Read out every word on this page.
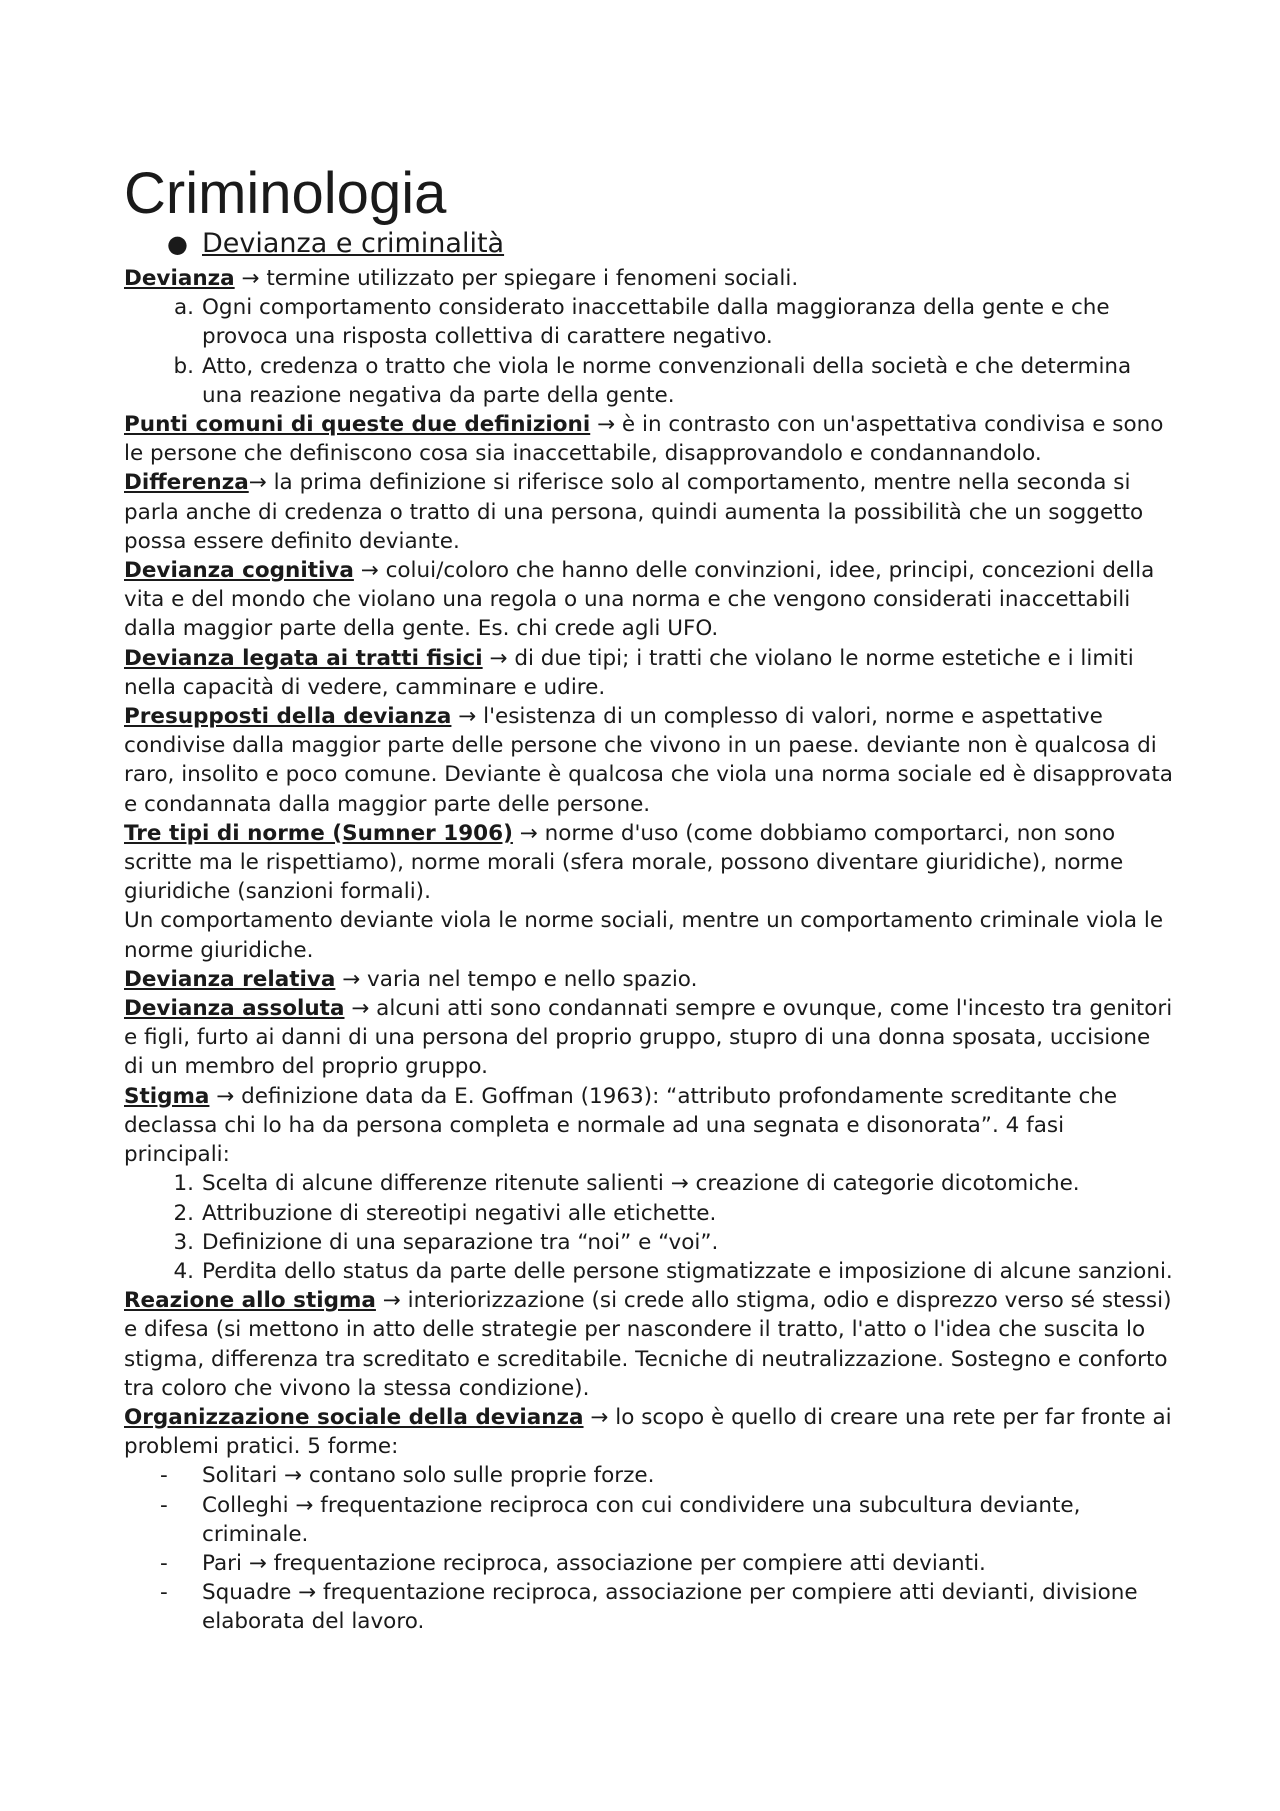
Criminologia
● Devianza e criminalità

Devianza → termine utilizzato per spiegare i fenomeni sociali.

a. Ogni comportamento considerato inaccettabile dalla maggioranza della gente e che provoca una risposta collettiva di carattere negativo.
b. Atto, credenza o tratto che viola le norme convenzionali della società e che determina una reazione negativa da parte della gente.

Punti comuni di queste due definizioni → è in contrasto con un'aspettativa condivisa e sono le persone che definiscono cosa sia inaccettabile, disapprovandolo e condannandolo.

Differenza→ la prima definizione si riferisce solo al comportamento, mentre nella seconda si parla anche di credenza o tratto di una persona, quindi aumenta la possibilità che un soggetto possa essere definito deviante.

Devianza cognitiva → colui/coloro che hanno delle convinzioni, idee, principi, concezioni della vita e del mondo che violano una regola o una norma e che vengono considerati inaccettabili dalla maggior parte della gente. Es. chi crede agli UFO.

Devianza legata ai tratti fisici → di due tipi; i tratti che violano le norme estetiche e i limiti nella capacità di vedere, camminare e udire.

Presupposti della devianza → l'esistenza di un complesso di valori, norme e aspettative condivise dalla maggior parte delle persone che vivono in un paese. deviante non è qualcosa di raro, insolito e poco comune. Deviante è qualcosa che viola una norma sociale ed è disapprovata e condannata dalla maggior parte delle persone.

Tre tipi di norme (Sumner 1906) → norme d'uso (come dobbiamo comportarci, non sono scritte ma le rispettiamo), norme morali (sfera morale, possono diventare giuridiche), norme giuridiche (sanzioni formali).

Un comportamento deviante viola le norme sociali, mentre un comportamento criminale viola le norme giuridiche.

Devianza relativa → varia nel tempo e nello spazio.

Devianza assoluta → alcuni atti sono condannati sempre e ovunque, come l'incesto tra genitori e figli, furto ai danni di una persona del proprio gruppo, stupro di una donna sposata, uccisione di un membro del proprio gruppo.

Stigma → definizione data da E. Goffman (1963): “attributo profondamente screditante che declassa chi lo ha da persona completa e normale ad una segnata e disonorata”. 4 fasi principali:

1. Scelta di alcune differenze ritenute salienti → creazione di categorie dicotomiche.
2. Attribuzione di stereotipi negativi alle etichette.
3. Definizione di una separazione tra “noi” e “voi”.
4. Perdita dello status da parte delle persone stigmatizzate e imposizione di alcune sanzioni.

Reazione allo stigma → interiorizzazione (si crede allo stigma, odio e disprezzo verso sé stessi) e difesa (si mettono in atto delle strategie per nascondere il tratto, l'atto o l'idea che suscita lo stigma, differenza tra screditato e screditabile. Tecniche di neutralizzazione. Sostegno e conforto tra coloro che vivono la stessa condizione).

Organizzazione sociale della devianza → lo scopo è quello di creare una rete per far fronte ai problemi pratici. 5 forme:

- Solitari → contano solo sulle proprie forze.
- Colleghi → frequentazione reciproca con cui condividere una subcultura deviante, criminale.
- Pari → frequentazione reciproca, associazione per compiere atti devianti.
- Squadre → frequentazione reciproca, associazione per compiere atti devianti, divisione elaborata del lavoro.
